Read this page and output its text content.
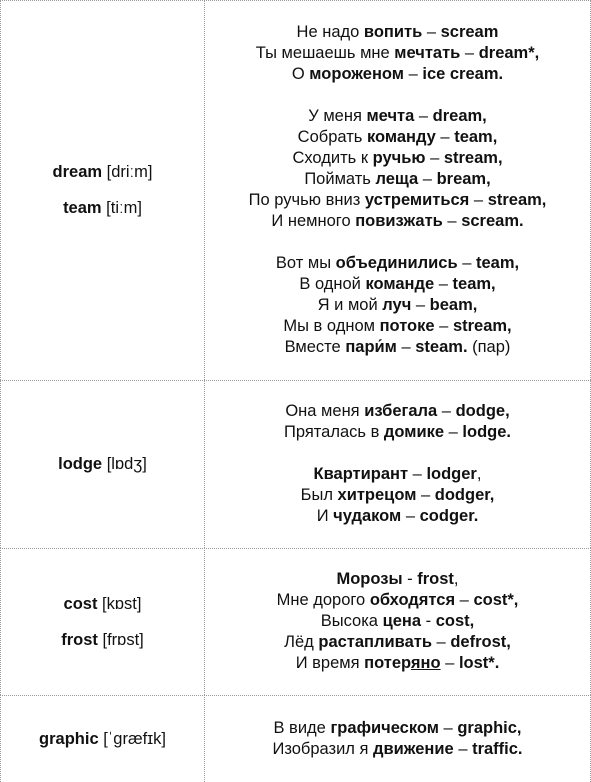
dream [driːm]
team [tiːm]
Не надо вопить – scream
Ты мешаешь мне мечтать – dream*,
О мороженом – ice cream.
У меня мечта – dream,
Собрать команду – team,
Сходить к ручью – stream,
Поймать леща – bream,
По ручью вниз устремиться – stream,
И немного повизжать – scream.
Вот мы объединились – team,
В одной команде – team,
Я и мой луч – beam,
Мы в одном потоке – stream,
Вместе пари́м – steam. (пар)
lodge [lɒdʒ]
Она меня избегала – dodge,
Пряталась в домике – lodge.
Квартирант – lodger,
Был хитрецом – dodger,
И чудаком – codger.
cost [kɒst]
frost [frɒst]
Морозы - frost,
Мне дорого обходятся – cost*,
Высока цена - cost,
Лёд растапливать – defrost,
И время потеряно – lost*.
graphic [ˈɡræfɪk]
В виде графическом – graphic,
Изобразил я движение – traffic.
